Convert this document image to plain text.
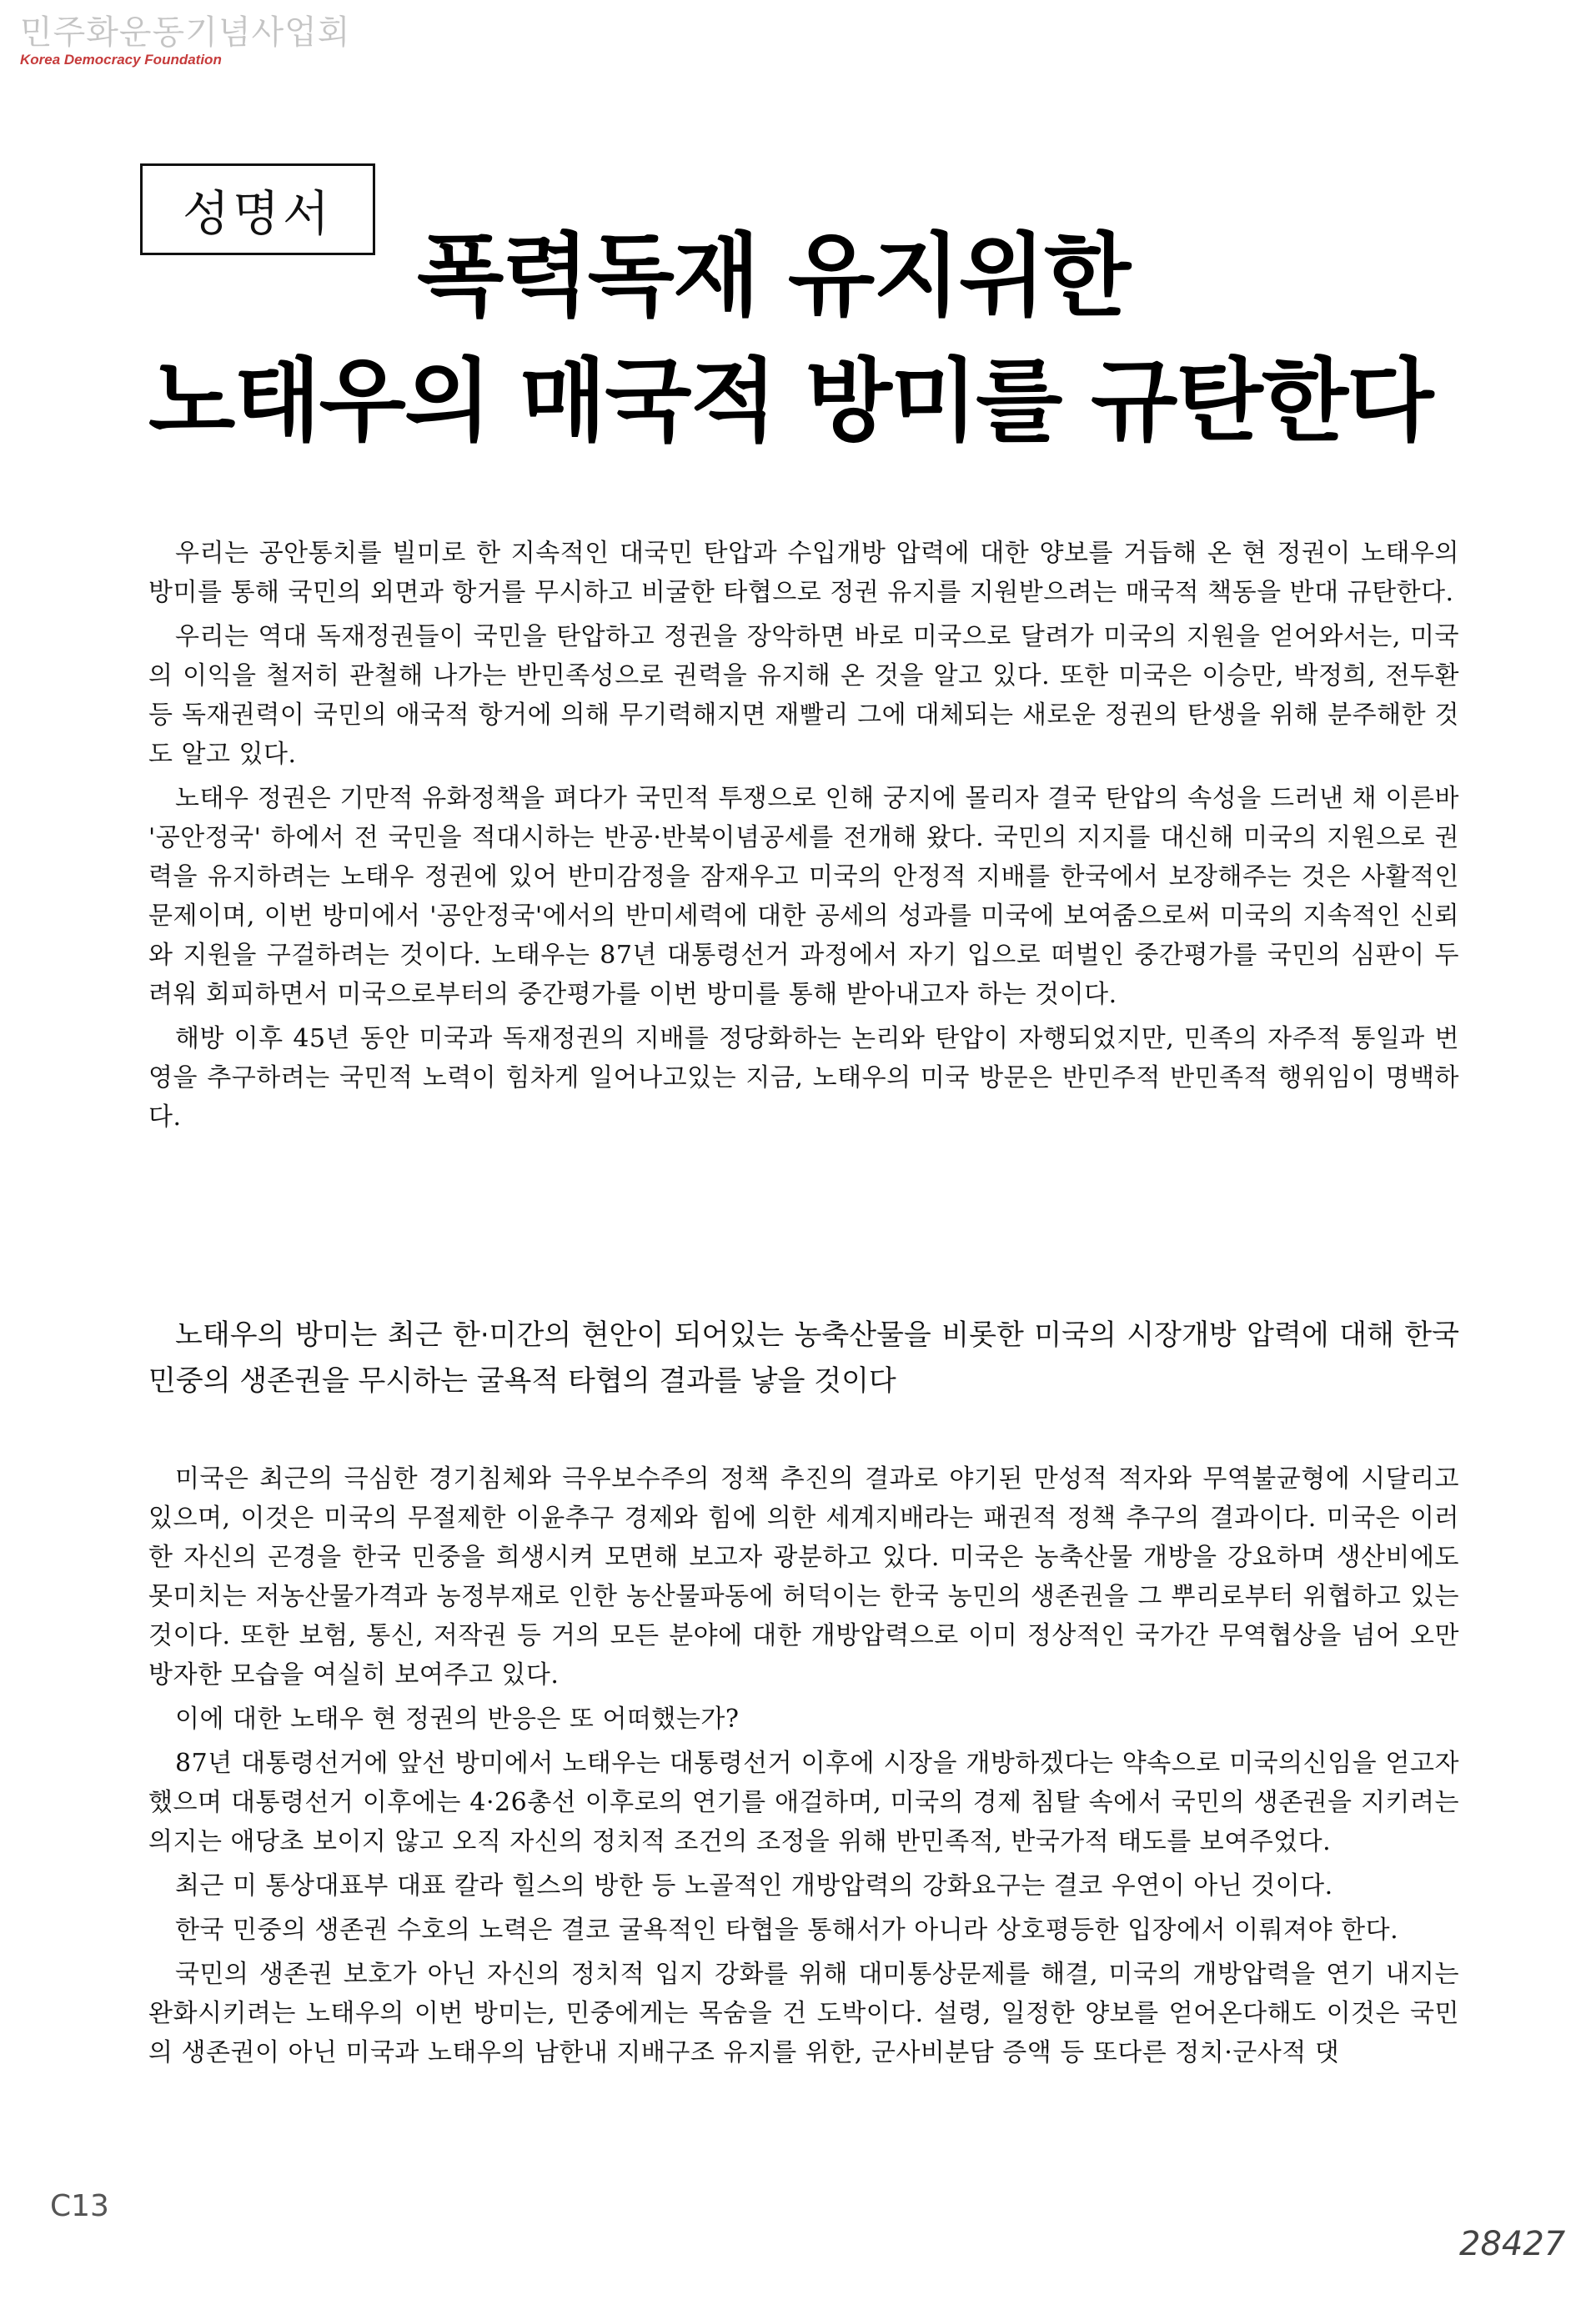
민주화운동기념사업회
Korea Democracy Foundation
성명서
폭력독재 유지위한
노태우의 매국적 방미를 규탄한다

우리는 공안통치를 빌미로 한 지속적인 대국민 탄압과 수입개방 압력에 대한 양보를 거듭해 온 현 정권이 노태우의 방미를 통해 국민의 외면과 항거를 무시하고 비굴한 타협으로 정권 유지를 지원받으려는 매국적 책동을 반대 규탄한다.

우리는 역대 독재정권들이 국민을 탄압하고 정권을 장악하면 바로 미국으로 달려가 미국의 지원을 얻어와서는, 미국의 이익을 철저히 관철해 나가는 반민족성으로 권력을 유지해 온 것을 알고 있다. 또한 미국은 이승만, 박정희, 전두환 등 독재권력이 국민의 애국적 항거에 의해 무기력해지면 재빨리 그에 대체되는 새로운 정권의 탄생을 위해 분주해한 것도 알고 있다.

노태우 정권은 기만적 유화정책을 펴다가 국민적 투쟁으로 인해 궁지에 몰리자 결국 탄압의 속성을 드러낸 채 이른바 '공안정국' 하에서 전 국민을 적대시하는 반공·반북이념공세를 전개해 왔다. 국민의 지지를 대신해 미국의 지원으로 권력을 유지하려는 노태우 정권에 있어 반미감정을 잠재우고 미국의 안정적 지배를 한국에서 보장해주는 것은 사활적인 문제이며, 이번 방미에서 '공안정국'에서의 반미세력에 대한 공세의 성과를 미국에 보여줌으로써 미국의 지속적인 신뢰와 지원을 구걸하려는 것이다. 노태우는 87년 대통령선거 과정에서 자기 입으로 떠벌인 중간평가를 국민의 심판이 두려워 회피하면서 미국으로부터의 중간평가를 이번 방미를 통해 받아내고자 하는 것이다.

해방 이후 45년 동안 미국과 독재정권의 지배를 정당화하는 논리와 탄압이 자행되었지만, 민족의 자주적 통일과 번영을 추구하려는 국민적 노력이 힘차게 일어나고있는 지금, 노태우의 미국 방문은 반민주적 반민족적 행위임이 명백하다.

노태우의 방미는 최근 한·미간의 현안이 되어있는 농축산물을 비롯한 미국의 시장개방 압력에 대해 한국 민중의 생존권을 무시하는 굴욕적 타협의 결과를 낳을 것이다

미국은 최근의 극심한 경기침체와 극우보수주의 정책 추진의 결과로 야기된 만성적 적자와 무역불균형에 시달리고 있으며, 이것은 미국의 무절제한 이윤추구 경제와 힘에 의한 세계지배라는 패권적 정책 추구의 결과이다. 미국은 이러한 자신의 곤경을 한국 민중을 희생시켜 모면해 보고자 광분하고 있다. 미국은 농축산물 개방을 강요하며 생산비에도 못미치는 저농산물가격과 농정부재로 인한 농산물파동에 허덕이는 한국 농민의 생존권을 그 뿌리로부터 위협하고 있는 것이다. 또한 보험, 통신, 저작권 등 거의 모든 분야에 대한 개방압력으로 이미 정상적인 국가간 무역협상을 넘어 오만방자한 모습을 여실히 보여주고 있다.

이에 대한 노태우 현 정권의 반응은 또 어떠했는가?

87년 대통령선거에 앞선 방미에서 노태우는 대통령선거 이후에 시장을 개방하겠다는 약속으로 미국의신임을 얻고자 했으며 대통령선거 이후에는 4·26총선 이후로의 연기를 애걸하며, 미국의 경제 침탈 속에서 국민의 생존권을 지키려는 의지는 애당초 보이지 않고 오직 자신의 정치적 조건의 조정을 위해 반민족적, 반국가적 태도를 보여주었다.

최근 미 통상대표부 대표 칼라 힐스의 방한 등 노골적인 개방압력의 강화요구는 결코 우연이 아닌 것이다.

한국 민중의 생존권 수호의 노력은 결코 굴욕적인 타협을 통해서가 아니라 상호평등한 입장에서 이뤄져야 한다.

국민의 생존권 보호가 아닌 자신의 정치적 입지 강화를 위해 대미통상문제를 해결, 미국의 개방압력을 연기 내지는 완화시키려는 노태우의 이번 방미는, 민중에게는 목숨을 건 도박이다. 설령, 일정한 양보를 얻어온다해도 이것은 국민의 생존권이 아닌 미국과 노태우의 남한내 지배구조 유지를 위한, 군사비분담 증액 등 또다른 정치·군사적 댓

C13
28427
